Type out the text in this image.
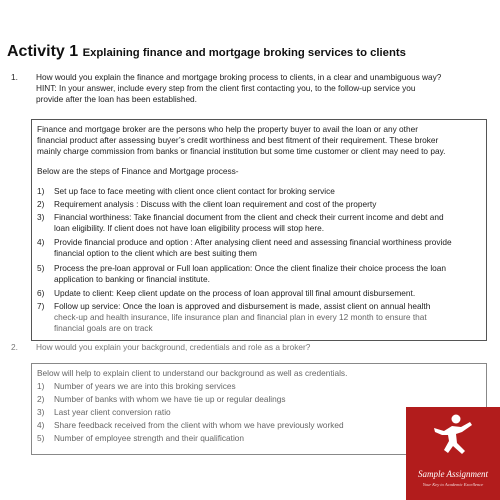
Activity 1 Explaining finance and mortgage broking services to clients
1. How would you explain the finance and mortgage broking process to clients, in a clear and unambiguous way?
HINT: In your answer, include every step from the client first contacting you, to the follow-up service you
provide after the loan has been established.
Finance and mortgage broker are the persons who help the property buyer to avail the loan or any other
financial product after assessing buyer’s credit worthiness and best fitment of their requirement. These broker
mainly charge commission from banks or financial institution but some time customer or client may need to pay.
Below are the steps of Finance and Mortgage process-
1) Set up face to face meeting with client once client contact for broking service
2) Requirement analysis : Discuss with the client loan requirement and cost of the property
3) Financial worthiness: Take financial document from the client and check their current income and debt and
loan eligibility. If client does not have loan eligibility process will stop here.
4) Provide financial produce and option : After analysing client need and assessing financial worthiness provide
financial option to the client which are best suiting them
5) Process the pre-loan approval or Full loan application: Once the client finalize their choice process the loan
application to banking or financial institute.
6) Update to client: Keep client update on the process of loan approval till final amount disbursement.
7) Follow up service: Once the loan is approved and disbursement is made, assist client on annual health
check-up and health insurance, life insurance plan and financial plan in every 12 month to ensure that
financial goals are on track
2. How would you explain your background, credentials and role as a broker?
Below will help to explain client to understand our background as well as credentials.
1) Number of years we are into this broking services
2) Number of banks with whom we have tie up or regular dealings
3) Last year client conversion ratio
4) Share feedback received from the client with whom we have previously worked
5) Number of employee strength and their qualification
Sample Assignment
Your Key to Academic Excellence
